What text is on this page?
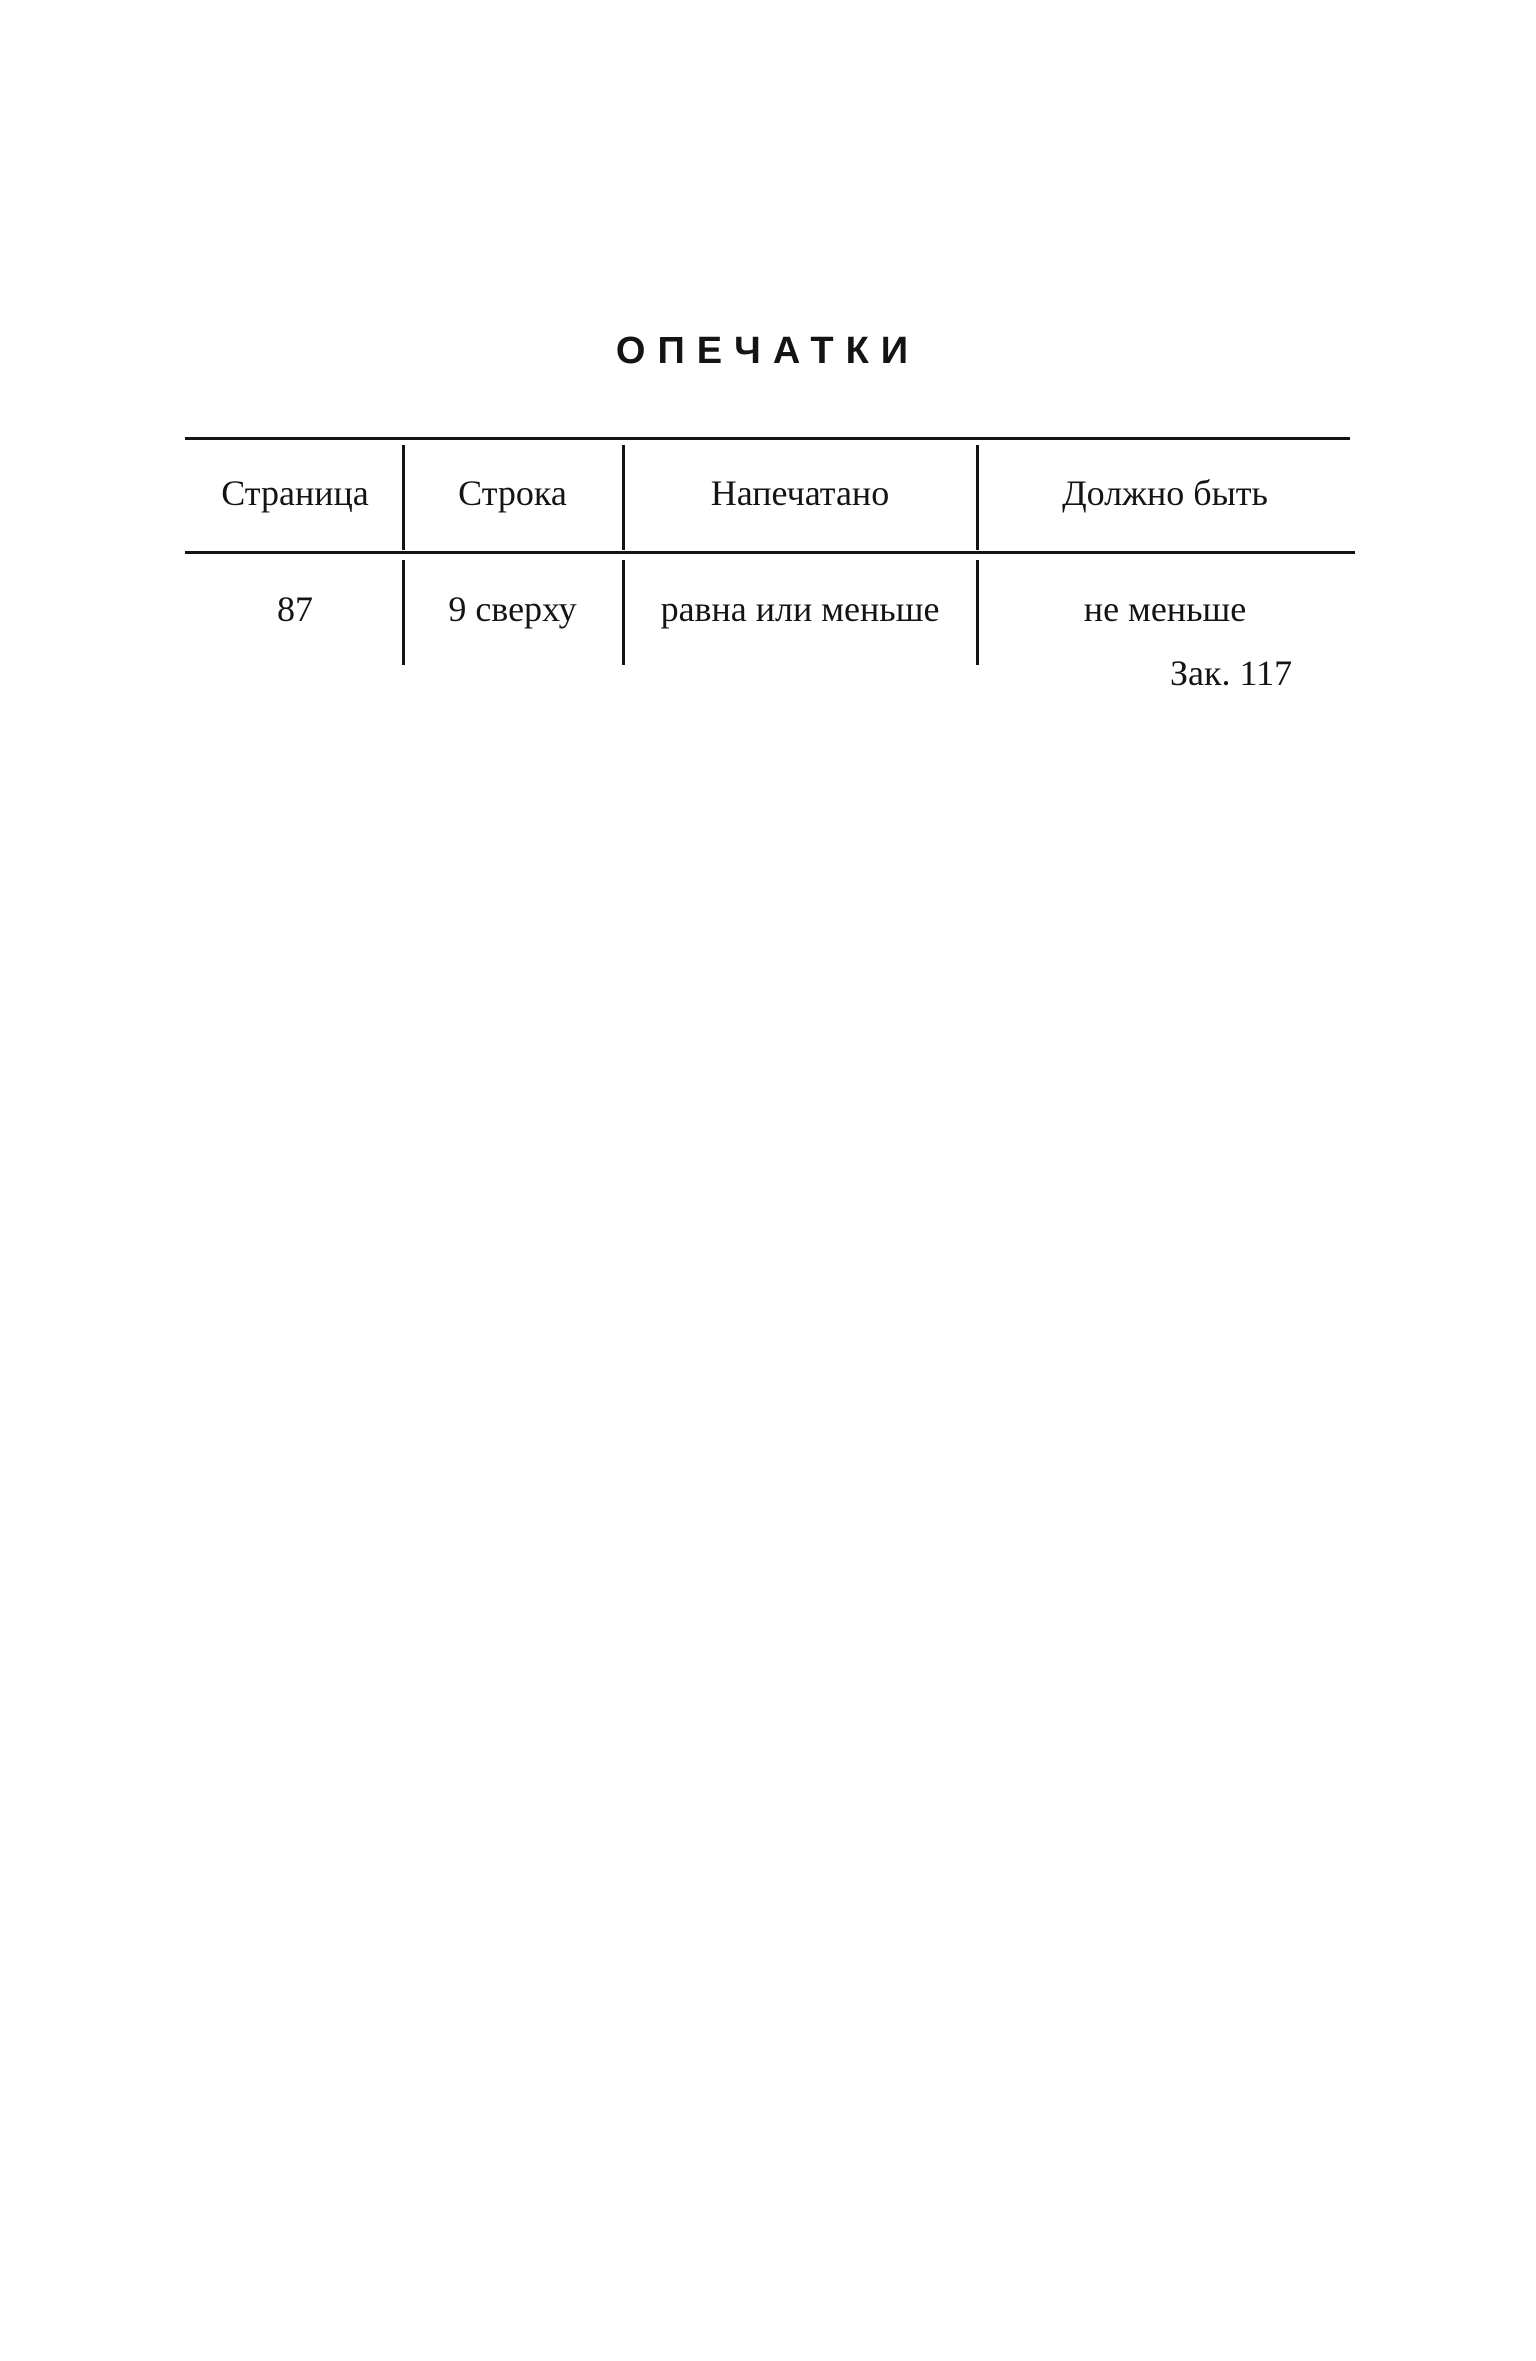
ОПЕЧАТКИ
Страница	Строка	Напечатано	Должно быть
87	9 сверху	равна или меньше	не меньше
Зак. 117
